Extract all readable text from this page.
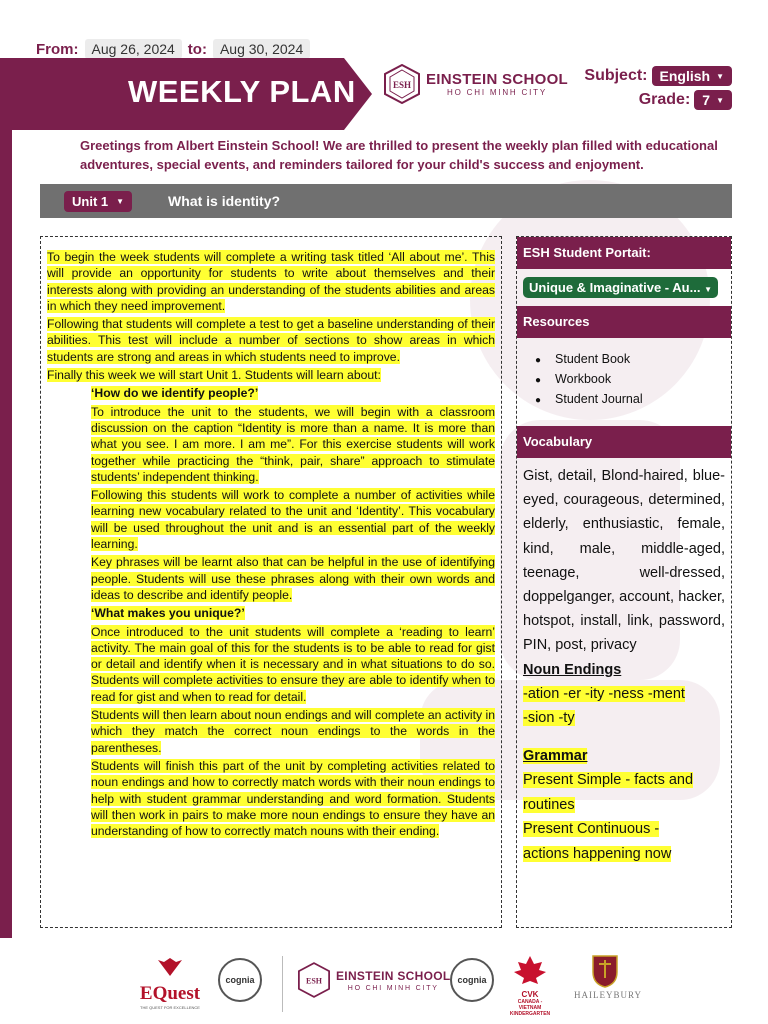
From: Aug 26, 2024 to: Aug 30, 2024
WEEKLY PLAN	ESH EINSTEIN SCHOOL
HO CHI MINH CITY
Subject: English ▼
Grade: 7 ▼
Greetings from Albert Einstein School! We are thrilled to present the weekly plan filled with educational adventures, special events, and reminders tailored for your child's success and enjoyment.
Unit 1 ▼	What is identity?
To begin the week students will complete a writing task titled ‘All about me’. This will provide an opportunity for students to write about themselves and their interests along with providing an understanding of the students abilities and areas in which they need improvement.
Following that students will complete a test to get a baseline understanding of their abilities. This test will include a number of sections to show areas in which students are strong and areas in which students need to improve.
Finally this week we will start Unit 1. Students will learn about:
‘How do we identify people?’
To introduce the unit to the students, we will begin with a classroom discussion on the caption “Identity is more than a name. It is more than what you see. I am more. I am me”. For this exercise students will work together while practicing the “think, pair, share” approach to stimulate students’ independent thinking.
Following this students will work to complete a number of activities while learning new vocabulary related to the unit and ‘Identity’. This vocabulary will be used throughout the unit and is an essential part of the weekly learning.
Key phrases will be learnt also that can be helpful in the use of identifying people. Students will use these phrases along with their own words and ideas to describe and identify people.
‘What makes you unique?’
Once introduced to the unit students will complete a ‘reading to learn’ activity. The main goal of this for the students is to be able to read for gist or detail and identify when it is necessary and in what situations to do so. Students will complete activities to ensure they are able to identify when to read for gist and when to read for detail.
Students will then learn about noun endings and will complete an activity in which they match the correct noun endings to the words in the parentheses.
Students will finish this part of the unit by completing activities related to noun endings and how to correctly match words with their noun endings to help with student grammar understanding and word formation. Students will then work in pairs to make more noun endings to ensure they have an understanding of how to correctly match nouns with their ending.
ESH Student Portait:
Unique & Imaginative - Au... ▼
Resources
● Student Book
● Workbook
● Student Journal
Vocabulary
Gist, detail, Blond-haired, blue-eyed, courageous, determined, elderly, enthusiastic, female, kind, male, middle-aged, teenage, well-dressed, doppelganger, account, hacker, hotspot, install, link, password, PIN, post, privacy
Noun Endings
-ation -er -ity -ness -ment
-sion -ty
Grammar
Present Simple - facts and
routines
Present Continuous -
actions happening now
EQuest
THE QUEST FOR EXCELLENCE
cognia	ESH EINSTEIN SCHOOL
HO CHI MINH CITY
cognia
CVK
CANADA - VIETNAM KINDERGARTEN
HAILEYBURY
